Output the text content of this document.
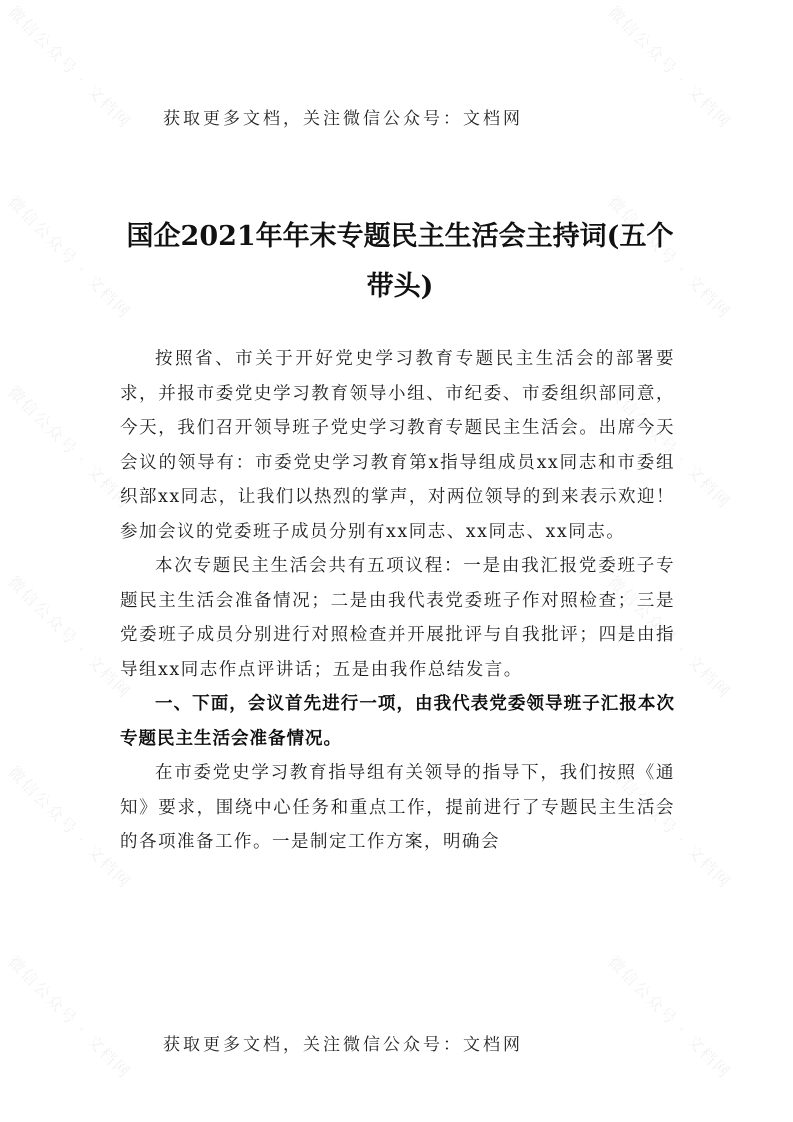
微信公众号 · 文档网	微信公众号 · 文档网
微信公众号 · 文档网	微信公众号 · 文档网
微信公众号 · 文档网	微信公众号 · 文档网
微信公众号 · 文档网	微信公众号 · 文档网
微信公众号 · 文档网	微信公众号 · 文档网
微信公众号 · 文档网	微信公众号 · 文档网
获取更多文档，关注微信公众号：文档网
国企2021年年末专题民主生活会主持词(五个带头)

按照省、市关于开好党史学习教育专题民主生活会的部署要求，并报市委党史学习教育领导小组、市纪委、市委组织部同意，今天，我们召开领导班子党史学习教育专题民主生活会。出席今天会议的领导有：市委党史学习教育第x指导组成员xx同志和市委组织部xx同志，让我们以热烈的掌声，对两位领导的到来表示欢迎！参加会议的党委班子成员分别有xx同志、xx同志、xx同志。

本次专题民主生活会共有五项议程：一是由我汇报党委班子专题民主生活会准备情况；二是由我代表党委班子作对照检查；三是党委班子成员分别进行对照检查并开展批评与自我批评；四是由指导组xx同志作点评讲话；五是由我作总结发言。

一、下面，会议首先进行一项，由我代表党委领导班子汇报本次专题民主生活会准备情况。

在市委党史学习教育指导组有关领导的指导下，我们按照《通知》要求，围绕中心任务和重点工作，提前进行了专题民主生活会的各项准备工作。一是制定工作方案，明确会

获取更多文档，关注微信公众号：文档网
